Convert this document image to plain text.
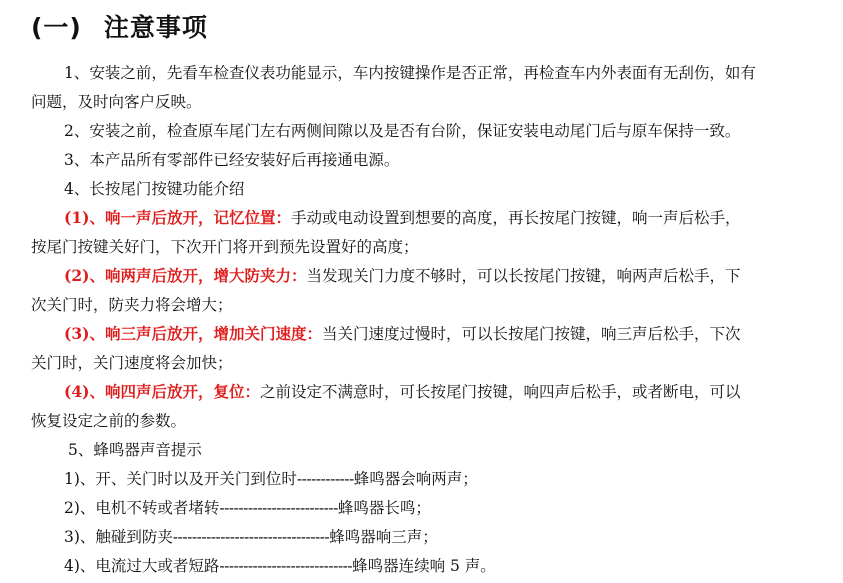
(一) 注意事项
1、安装之前，先看车检查仪表功能显示，车内按键操作是否正常，再检查车内外表面有无刮伤，如有
问题，及时向客户反映。
2、安装之前，检查原车尾门左右两侧间隙以及是否有台阶，保证安装电动尾门后与原车保持一致。
3、本产品所有零部件已经安装好后再接通电源。
4、长按尾门按键功能介绍
(1)、响一声后放开，记忆位置：手动或电动设置到想要的高度，再长按尾门按键，响一声后松手，
按尾门按键关好门，下次开门将开到预先设置好的高度；
(2)、响两声后放开，增大防夹力：当发现关门力度不够时，可以长按尾门按键，响两声后松手，下
次关门时，防夹力将会增大；
(3)、响三声后放开，增加关门速度：当关门速度过慢时，可以长按尾门按键，响三声后松手，下次
关门时，关门速度将会加快；
(4)、响四声后放开，复位：之前设定不满意时，可长按尾门按键，响四声后松手，或者断电，可以
恢复设定之前的参数。
5、蜂鸣器声音提示
1)、开、关门时以及开关门到位时------------蜂鸣器会响两声；
2)、电机不转或者堵转-------------------------蜂鸣器长鸣；
3)、触碰到防夹---------------------------------蜂鸣器响三声；
4)、电流过大或者短路----------------------------蜂鸣器连续响 5 声。
